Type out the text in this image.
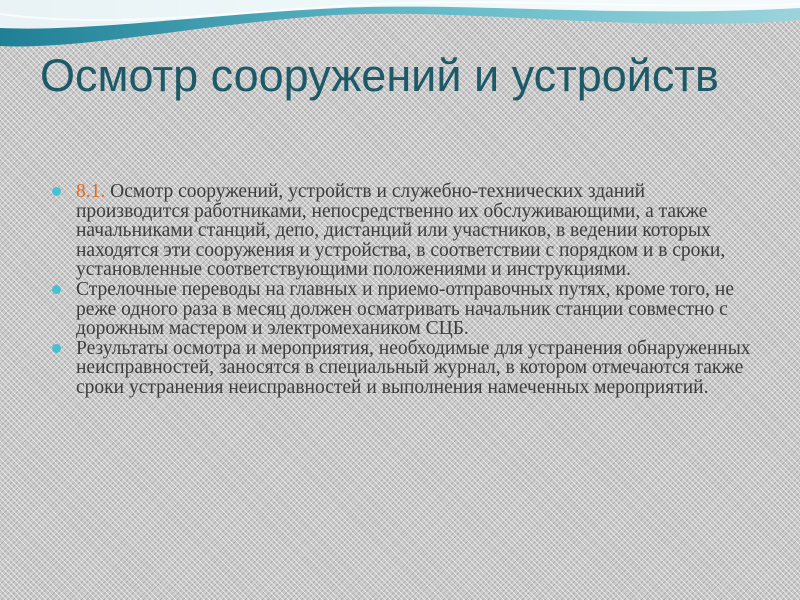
Осмотр сооружений и устройств
8.1. Осмотр сооружений, устройств и служебно-технических зданий производится работниками, непосредственно их обслуживающими, а также начальниками станций, депо, дистанций или участников, в ведении которых находятся эти сооружения и устройства, в соответствии с порядком и в сроки, установленные соответствующими положениями и инструкциями.
Стрелочные переводы на главных и приемо-отправочных путях, кроме того, не реже одного раза в месяц должен осматривать начальник станции совместно с дорожным мастером и электромехаником СЦБ.
Результаты осмотра и мероприятия, необходимые для устранения обнаруженных неисправностей, заносятся в специальный журнал, в котором отмечаются также сроки устранения неисправностей и выполнения намеченных мероприятий.
